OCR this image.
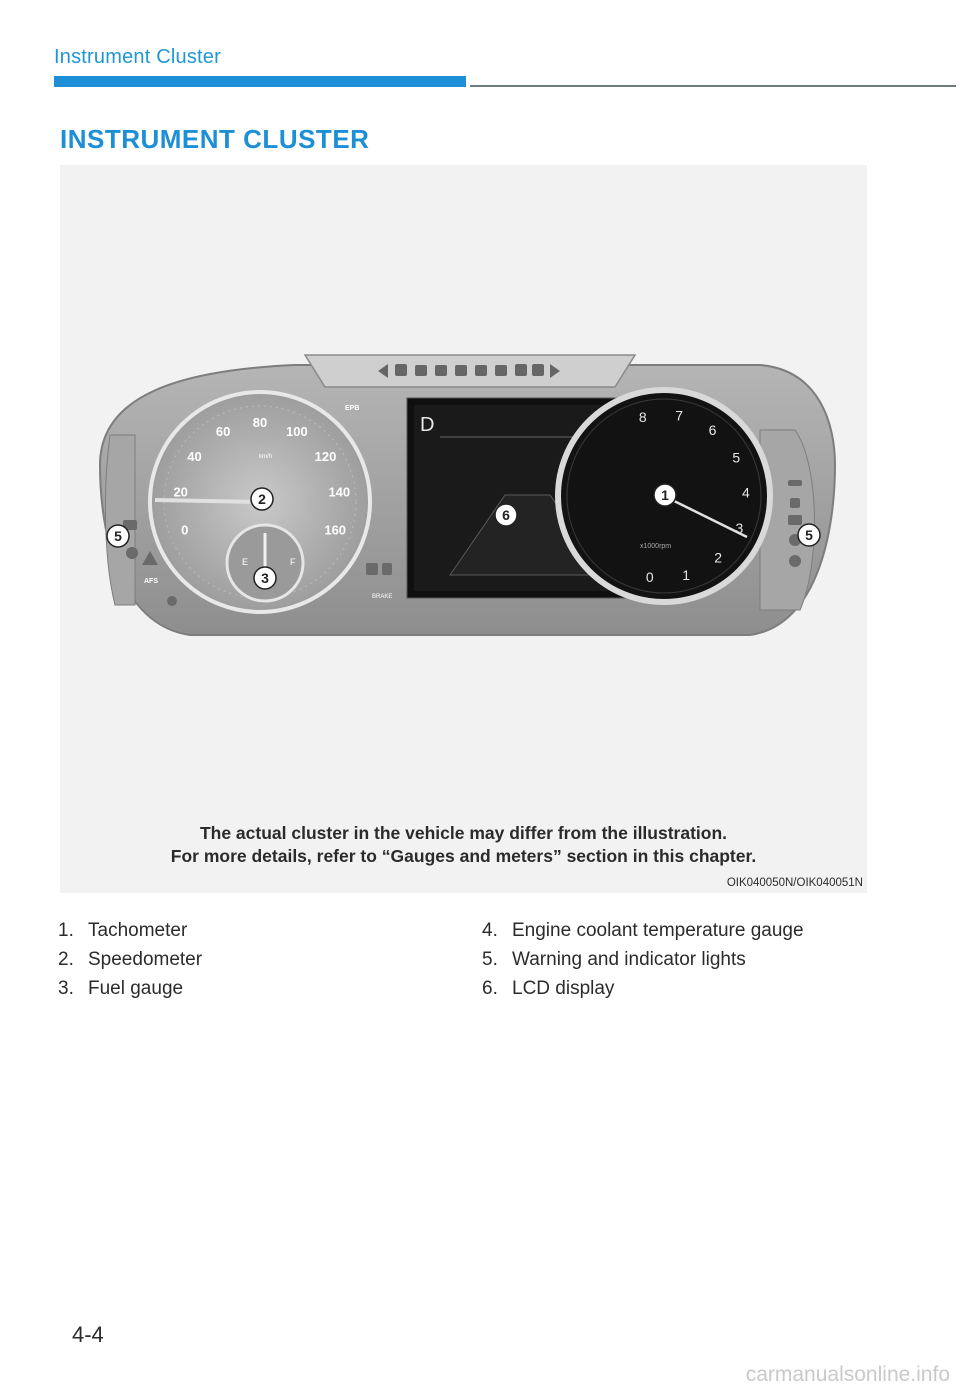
Instrument Cluster
INSTRUMENT CLUSTER
0
20
40
60
80
100
120
140
160
E	F
km/h
EPB
AFS
BRAKE
D
0 1
2
3
4
5
6
7
8
x1000rpm
1
2
3
5	5
6
The actual cluster in the vehicle may differ from the illustration.
For more details, refer to “Gauges and meters” section in this chapter.
OIK040050N/OIK040051N
1. Tachometer
2. Speedometer
3. Fuel gauge
4. Engine coolant temperature gauge
5. Warning and indicator lights
6. LCD display
4-4
carmanualsonline.info
